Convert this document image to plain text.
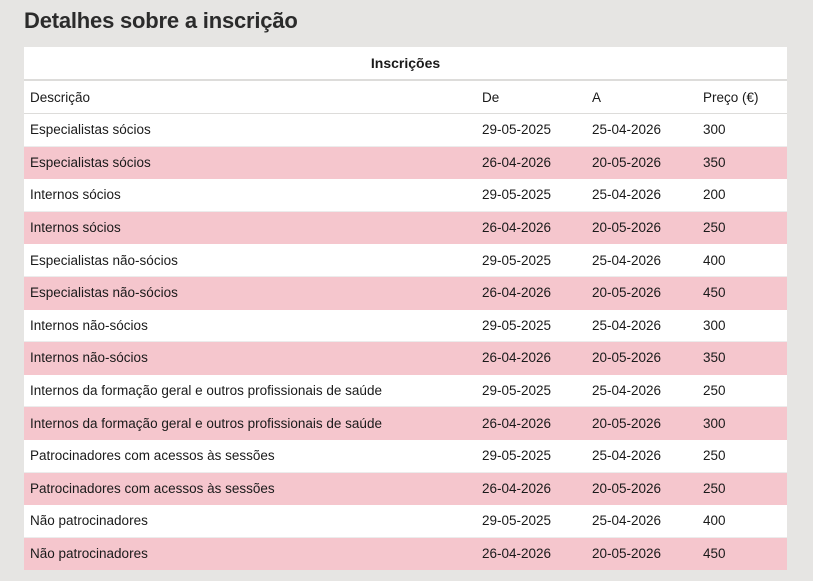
Detalhes sobre a inscrição
Inscrições			
Descrição	De	A	Preço (€)
Especialistas sócios	29-05-2025	25-04-2026	300
Especialistas sócios	26-04-2026	20-05-2026	350
Internos sócios	29-05-2025	25-04-2026	200
Internos sócios	26-04-2026	20-05-2026	250
Especialistas não-sócios	29-05-2025	25-04-2026	400
Especialistas não-sócios	26-04-2026	20-05-2026	450
Internos não-sócios	29-05-2025	25-04-2026	300
Internos não-sócios	26-04-2026	20-05-2026	350
Internos da formação geral e outros profissionais de saúde	29-05-2025	25-04-2026	250
Internos da formação geral e outros profissionais de saúde	26-04-2026	20-05-2026	300
Patrocinadores com acessos às sessões	29-05-2025	25-04-2026	250
Patrocinadores com acessos às sessões	26-04-2026	20-05-2026	250
Não patrocinadores	29-05-2025	25-04-2026	400
Não patrocinadores	26-04-2026	20-05-2026	450
